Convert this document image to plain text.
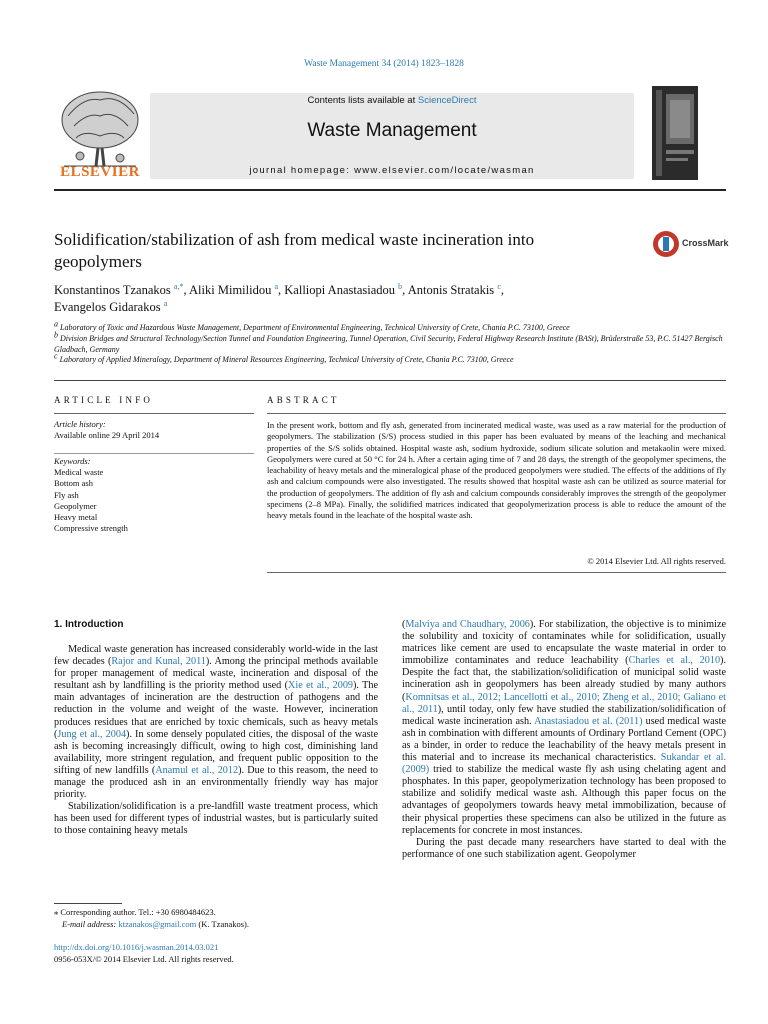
Waste Management 34 (2014) 1823–1828
ELSEVIER
Contents lists available at ScienceDirect
Waste Management
journal homepage: www.elsevier.com/locate/wasman
Solidification/stabilization of ash from medical waste incineration into geopolymers
CrossMark
Konstantinos Tzanakos $^{a,*}$, Aliki Mimilidou $^a$, Kalliopi Anastasiadou $^b$, Antonis Stratakis $^c$,
Evangelos Gidarakos $^a$
$^a$ Laboratory of Toxic and Hazardous Waste Management, Department of Environmental Engineering, Technical University of Crete, Chania P.C. 73100, Greece
$^b$ Division Bridges and Structural Technology/Section Tunnel and Foundation Engineering, Tunnel Operation, Civil Security, Federal Highway Research Institute (BASt), Brüderstraße 53, P.C. 51427 Bergisch Gladbach, Germany
$^c$ Laboratory of Applied Mineralogy, Department of Mineral Resources Engineering, Technical University of Crete, Chania P.C. 73100, Greece
ARTICLE INFO	ABSTRACT
Article history:
Available online 29 April 2014
Keywords:
Medical waste
Bottom ash
Fly ash
Geopolymer
Heavy metal
Compressive strength
In the present work, bottom and fly ash, generated from incinerated medical waste, was used as a raw material for the production of geopolymers. The stabilization (S/S) process studied in this paper has been evaluated by means of the leaching and mechanical properties of the S/S solids obtained. Hospital waste ash, sodium hydroxide, sodium silicate solution and metakaolin were mixed. Geopolymers were cured at 50 °C for 24 h. After a certain aging time of 7 and 28 days, the strength of the geopolymer specimens, the leachability of heavy metals and the mineralogical phase of the produced geopolymers were studied. The effects of the additions of fly ash and calcium compounds were also investigated. The results showed that hospital waste ash can be utilized as source material for the production of geopolymers. The addition of fly ash and calcium compounds considerably improves the strength of the geopolymer specimens (2–8 MPa). Finally, the solidified matrices indicated that geopolymerization process is able to reduce the amount of the heavy metals found in the leachate of the hospital waste ash.
© 2014 Elsevier Ltd. All rights reserved.
1. Introduction

Medical waste generation has increased considerably world-wide in the last few decades (Rajor and Kunal, 2011). Among the principal methods available for proper management of medical waste, incineration and disposal of the resultant ash by landfilling is the priority method used (Xie et al., 2009). The main advantages of incineration are the destruction of pathogens and the reduction in the volume and weight of the waste. However, incineration produces residues that are enriched by toxic chemicals, such as heavy metals (Jung et al., 2004). In some densely populated cities, the disposal of the waste ash is becoming increasingly difficult, owing to high cost, diminishing land availability, more stringent regulation, and frequent public opposition to the sifting of new landfills (Anamul et al., 2012). Due to this reasom, the need to manage the produced ash in an environmentally friendly way has major priority.

Stabilization/solidification is a pre-landfill waste treatment process, which has been used for different types of industrial wastes, but is particularly suited to those containing heavy metals

(Malviya and Chaudhary, 2006). For stabilization, the objective is to minimize the solubility and toxicity of contaminates while for solidification, usually matrices like cement are used to encapsulate the waste material in order to immobilize contaminates and reduce leachability (Charles et al., 2010). Despite the fact that, the stabilization/solidification of municipal solid waste incineration ash in geopolymers has been already studied by many authors (Komnitsas et al., 2012; Lancellotti et al., 2010; Zheng et al., 2010; Galiano et al., 2011), until today, only few have studied the stabilization/solidification of medical waste incineration ash. Anastasiadou et al. (2011) used medical waste ash in combination with different amounts of Ordinary Portland Cement (OPC) as a binder, in order to reduce the leachability of the heavy metals present in this material and to increase its mechanical characteristics. Sukandar et al. (2009) tried to stabilize the medical waste fly ash using chelating agent and phosphates. In this paper, geopolymerization technology has been proposed to stabilize and solidify medical waste ash. Although this paper focus on the advantages of geopolymers towards heavy metal immobilization, because of their physical properties these specimens can also be utilized in the future as replacements for concrete in most instances.

During the past decade many researchers have started to deal with the performance of one such stabilization agent. Geopolymer

⁎ Corresponding author. Tel.: +30 6980484623.
E-mail address: ktzanakos@gmail.com (K. Tzanakos).
http://dx.doi.org/10.1016/j.wasman.2014.03.021
0956-053X/© 2014 Elsevier Ltd. All rights reserved.
